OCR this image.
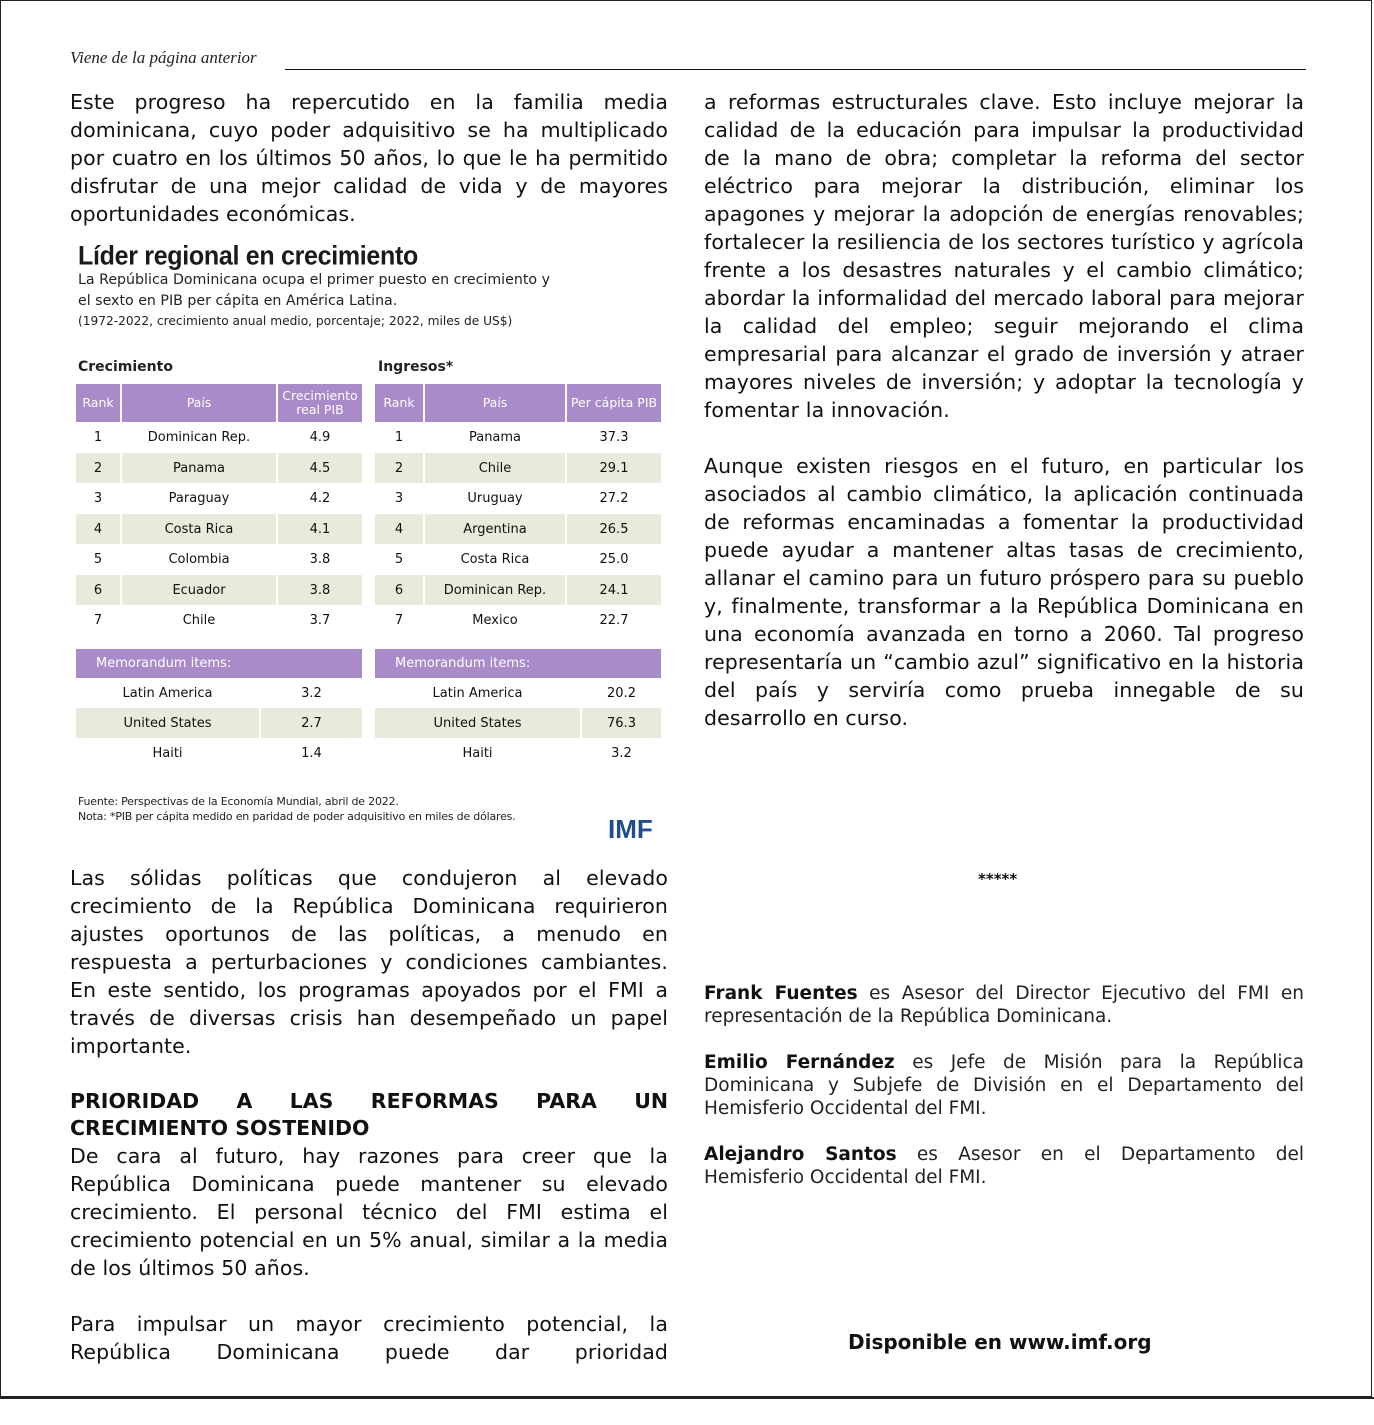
Viene de la página anterior

Este progreso ha repercutido en la familia media dominicana, cuyo poder adquisitivo se ha multiplicado por cuatro en los últimos 50 años, lo que le ha permitido disfrutar de una mejor calidad de vida y de mayores oportunidades económicas.

Líder regional en crecimiento
La República Dominicana ocupa el primer puesto en crecimiento y
el sexto en PIB per cápita en América Latina.
(1972-2022, crecimiento anual medio, porcentaje; 2022, miles de US$)
Crecimiento	Ingresos*
Rank	País	Crecimiento real PIB
1	Dominican Rep.	4.9
2	Panama	4.5
3	Paraguay	4.2
4	Costa Rica	4.1
5	Colombia	3.8
6	Ecuador	3.8
7	Chile	3.7
Rank	País	Per cápita PIB
1	Panama	37.3
2	Chile	29.1
3	Uruguay	27.2
4	Argentina	26.5
5	Costa Rica	25.0
6	Dominican Rep.	24.1
7	Mexico	22.7
Memorandum items:
Latin America	3.2
United States	2.7
Haiti	1.4
Memorandum items:
Latin America	20.2
United States	76.3
Haiti	3.2
Fuente: Perspectivas de la Economía Mundial, abril de 2022.
Nota: *PIB per cápita medido en paridad de poder adquisitivo en miles de dólares.	IMF

Las sólidas políticas que condujeron al elevado crecimiento de la República Dominicana requirieron ajustes oportunos de las políticas, a menudo en respuesta a perturbaciones y condiciones cambiantes. En este sentido, los programas apoyados por el FMI a través de diversas crisis han desempeñado un papel importante.

PRIORIDAD A LAS REFORMAS PARA UN
CRECIMIENTO SOSTENIDO

De cara al futuro, hay razones para creer que la República Dominicana puede mantener su elevado crecimiento. El personal técnico del FMI estima el crecimiento potencial en un 5% anual, similar a la media de los últimos 50 años.

Para impulsar un mayor crecimiento potencial, la República Dominicana puede dar prioridad

a reformas estructurales clave. Esto incluye mejorar la calidad de la educación para impulsar la productividad de la mano de obra; completar la reforma del sector eléctrico para mejorar la distribución, eliminar los apagones y mejorar la adopción de energías renovables; fortalecer la resiliencia de los sectores turístico y agrícola frente a los desastres naturales y el cambio climático; abordar la informalidad del mercado laboral para mejorar la calidad del empleo; seguir mejorando el clima empresarial para alcanzar el grado de inversión y atraer mayores niveles de inversión; y adoptar la tecnología y fomentar la innovación.

Aunque existen riesgos en el futuro, en particular los asociados al cambio climático, la aplicación continuada de reformas encaminadas a fomentar la productividad puede ayudar a mantener altas tasas de crecimiento, allanar el camino para un futuro próspero para su pueblo y, finalmente, transformar a la República Dominicana en una economía avanzada en torno a 2060. Tal progreso representaría un “cambio azul” significativo en la historia del país y serviría como prueba innegable de su desarrollo en curso.

*****

Frank Fuentes es Asesor del Director Ejecutivo del FMI en representación de la República Dominicana.

Emilio Fernández es Jefe de Misión para la República Dominicana y Subjefe de División en el Departamento del Hemisferio Occidental del FMI.

Alejandro Santos es Asesor en el Departamento del Hemisferio Occidental del FMI.

Disponible en www.imf.org
